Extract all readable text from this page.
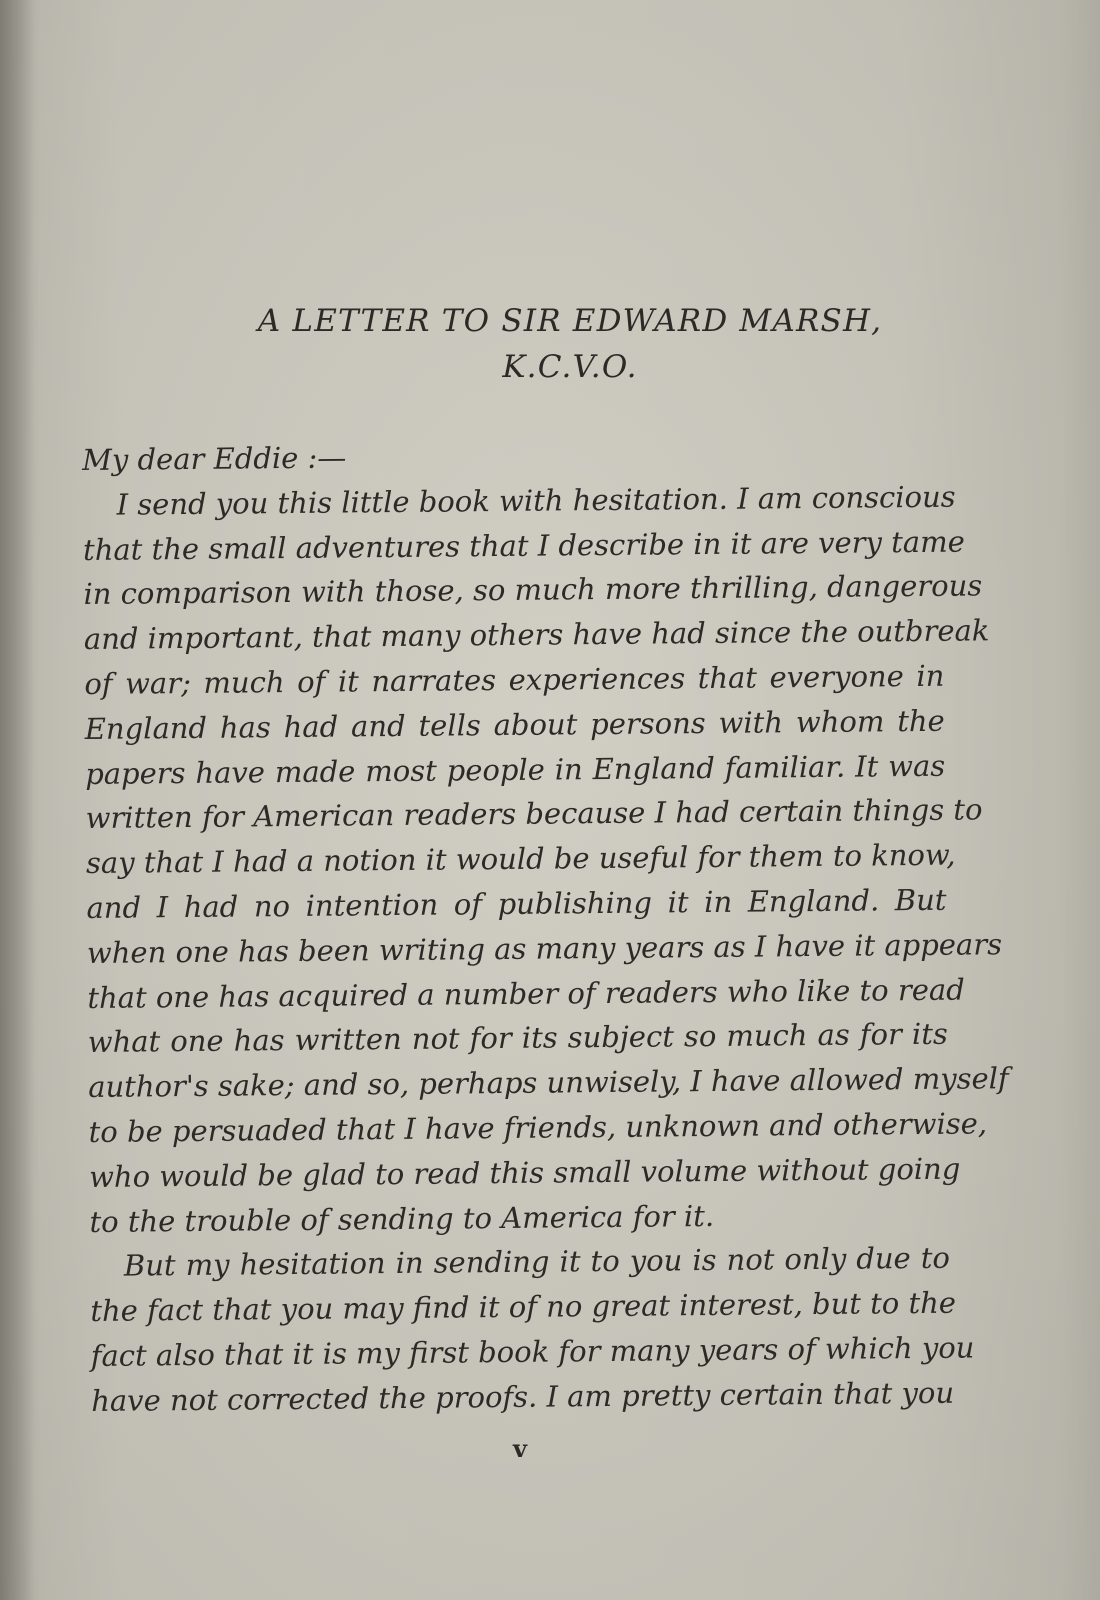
A LETTER TO SIR EDWARD MARSH,
K.C.V.O.
My dear Eddie :—
I send you this little book with hesitation. I am conscious
that the small adventures that I describe in it are very tame
in comparison with those, so much more thrilling, dangerous
and important, that many others have had since the outbreak
of war; much of it narrates experiences that everyone in
England has had and tells about persons with whom the
papers have made most people in England familiar. It was
written for American readers because I had certain things to
say that I had a notion it would be useful for them to know,
and I had no intention of publishing it in England. But
when one has been writing as many years as I have it appears
that one has acquired a number of readers who like to read
what one has written not for its subject so much as for its
author's sake; and so, perhaps unwisely, I have allowed myself
to be persuaded that I have friends, unknown and otherwise,
who would be glad to read this small volume without going
to the trouble of sending to America for it.
But my hesitation in sending it to you is not only due to
the fact that you may find it of no great interest, but to the
fact also that it is my first book for many years of which you
have not corrected the proofs. I am pretty certain that you
v
